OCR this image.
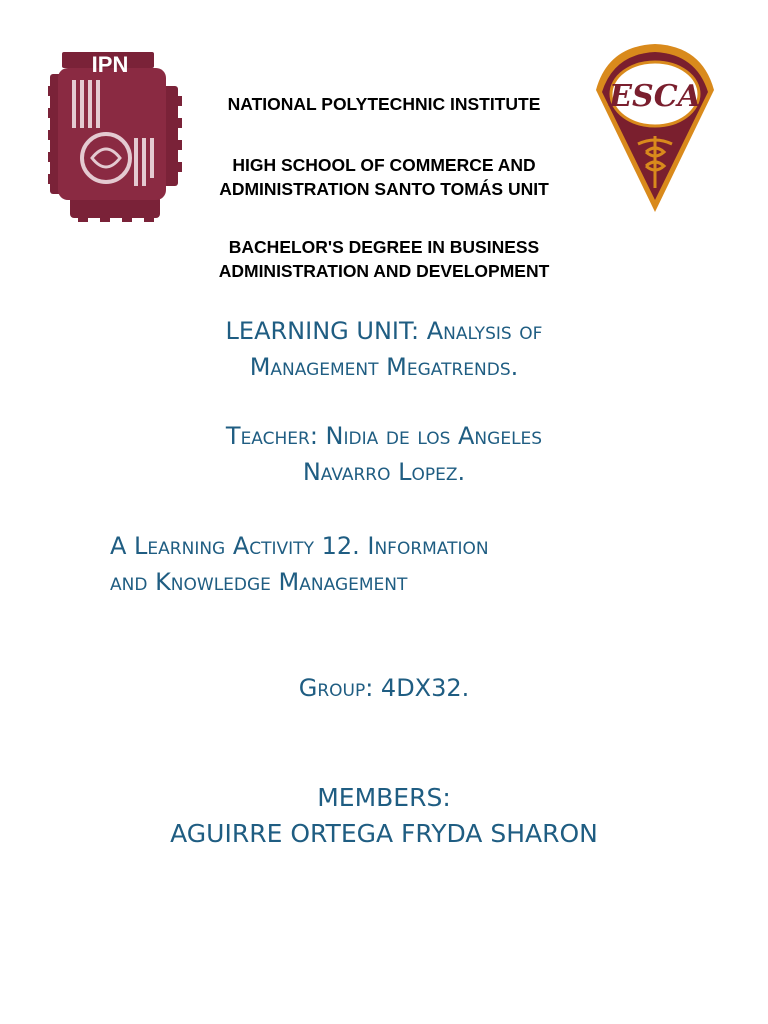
IPN
ESCA
NATIONAL POLYTECHNIC INSTITUTE
HIGH SCHOOL OF COMMERCE AND
ADMINISTRATION SANTO TOMÁS UNIT
BACHELOR'S DEGREE IN BUSINESS
ADMINISTRATION AND DEVELOPMENT
LEARNING UNIT: Analysis of
Management Megatrends.
Teacher: Nidia de los Angeles
Navarro Lopez.
A Learning Activity 12. Information
and Knowledge Management
Group: 4DX32.
MEMBERS:
AGUIRRE ORTEGA FRYDA SHARON
